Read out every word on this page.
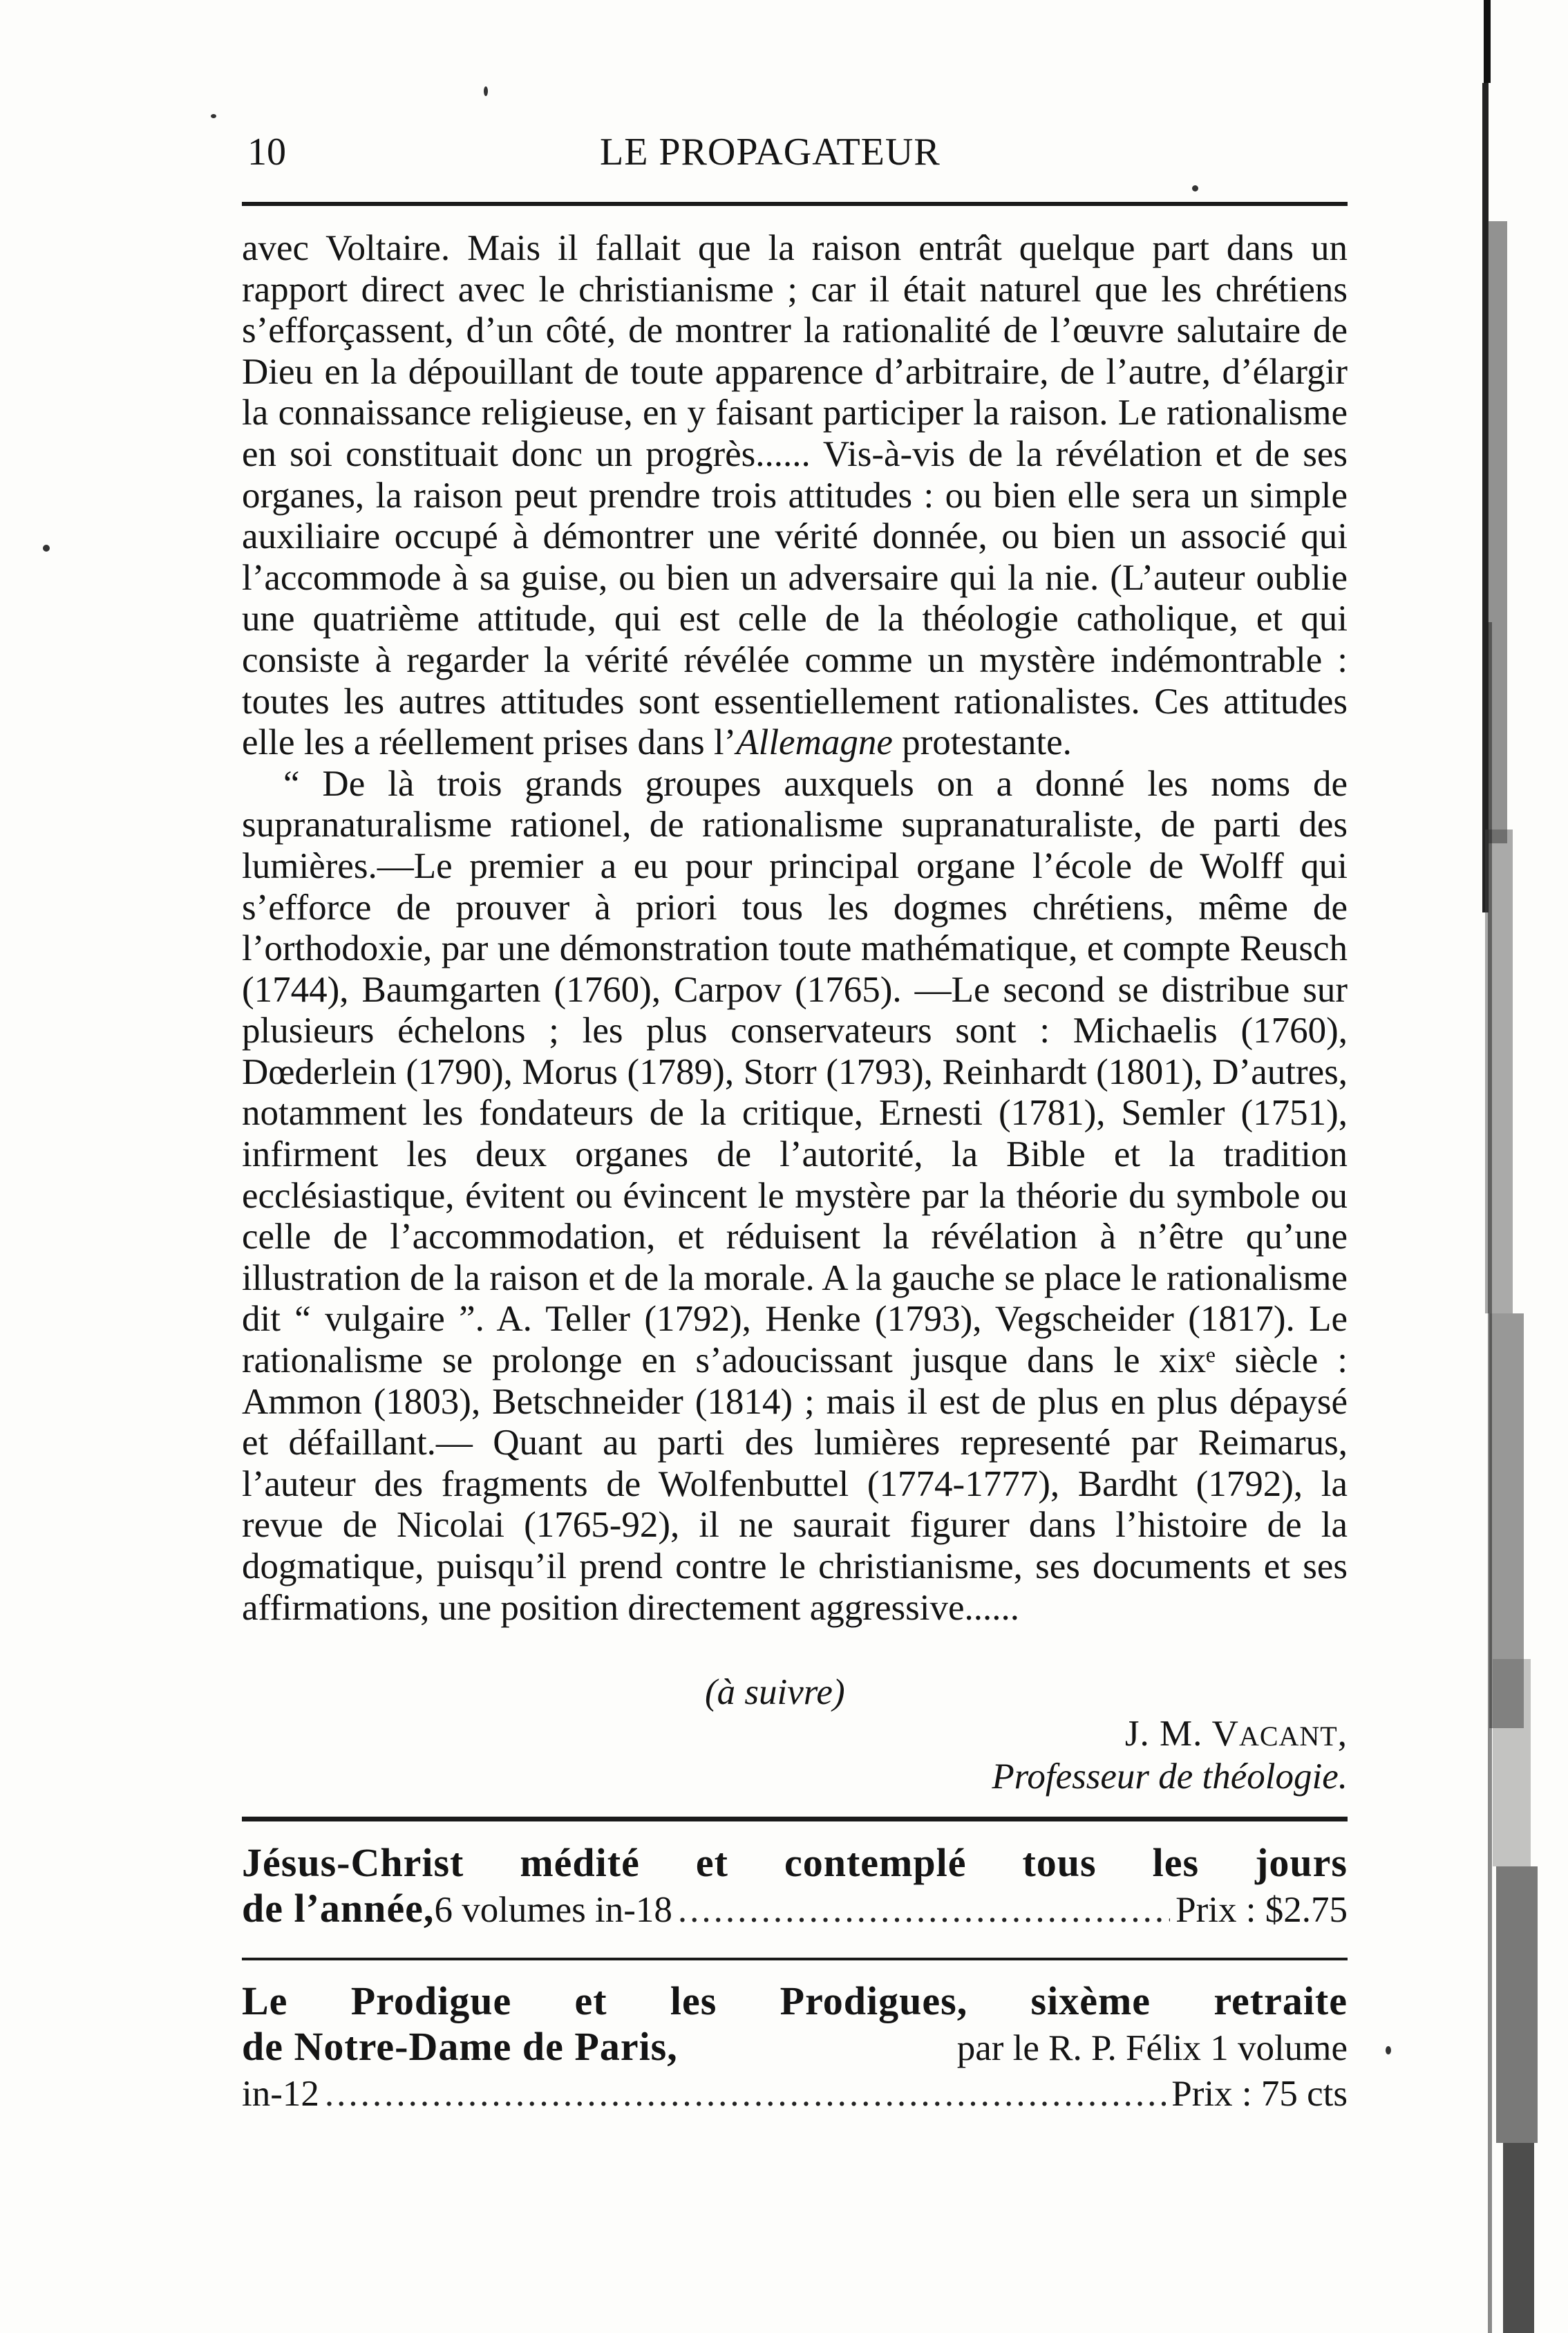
10	LE PROPAGATEUR

avec Voltaire. Mais il fallait que la raison entrât quelque part dans un rapport direct avec le christianisme ; car il était naturel que les chrétiens s’efforçassent, d’un côté, de montrer la rationalité de l’œuvre salutaire de Dieu en la dépouillant de toute apparence d’arbitraire, de l’autre, d’élargir la connaissance religieuse, en y faisant participer la raison. Le rationalisme en soi constituait donc un progrès...... Vis-à-vis de la révélation et de ses organes, la raison peut prendre trois attitudes : ou bien elle sera un simple auxiliaire occupé à démontrer une vérité donnée, ou bien un associé qui l’accommode à sa guise, ou bien un adversaire qui la nie. (L’auteur oublie une quatrième attitude, qui est celle de la théologie catholique, et qui consiste à regarder la vérité révélée comme un mystère indémontrable : toutes les autres attitudes sont essentiellement rationalistes. Ces attitudes elle les a réellement prises dans l’Allemagne protestante.

“ De là trois grands groupes auxquels on a donné les noms de supranaturalisme rationel, de rationalisme supranaturaliste, de parti des lumières.—Le premier a eu pour principal organe l’école de Wolff qui s’efforce de prouver à priori tous les dogmes chrétiens, même de l’orthodoxie, par une démonstration toute mathématique, et compte Reusch (1744), Baumgarten (1760), Carpov (1765). —Le second se distribue sur plusieurs échelons ; les plus conservateurs sont : Michaelis (1760), Dœderlein (1790), Morus (1789), Storr (1793), Reinhardt (1801), D’autres, notamment les fondateurs de la critique, Ernesti (1781), Semler (1751), infirment les deux organes de l’autorité, la Bible et la tradition ecclésiastique, évitent ou évincent le mystère par la théorie du symbole ou celle de l’accommodation, et réduisent la révélation à n’être qu’une illustration de la raison et de la morale. A la gauche se place le rationalisme dit “ vulgaire ”. A. Teller (1792), Henke (1793), Vegscheider (1817). Le rationalisme se prolonge en s’adoucissant jusque dans le xixᵉ siècle : Ammon (1803), Betschneider (1814) ; mais il est de plus en plus dépaysé et défaillant.— Quant au parti des lumières representé par Reimarus, l’auteur des fragments de Wolfenbuttel (1774-1777), Bardht (1792), la revue de Nicolai (1765-92), il ne saurait figurer dans l’histoire de la dogmatique, puisqu’il prend contre le christianisme, ses documents et ses affirmations, une position directement aggressive......

(à suivre)
J. M. VACANT,
Professeur de théologie.
Jésus-Christ médité et contemplé tous les jours
de l’année, 6 volumes in-18 .....	Prix : $2.75
Le Prodigue et les Prodigues, sixème retraite
de Notre-Dame de Paris,	par le R. P. Félix 1 volume
in-12 .....	Prix : 75 cts
